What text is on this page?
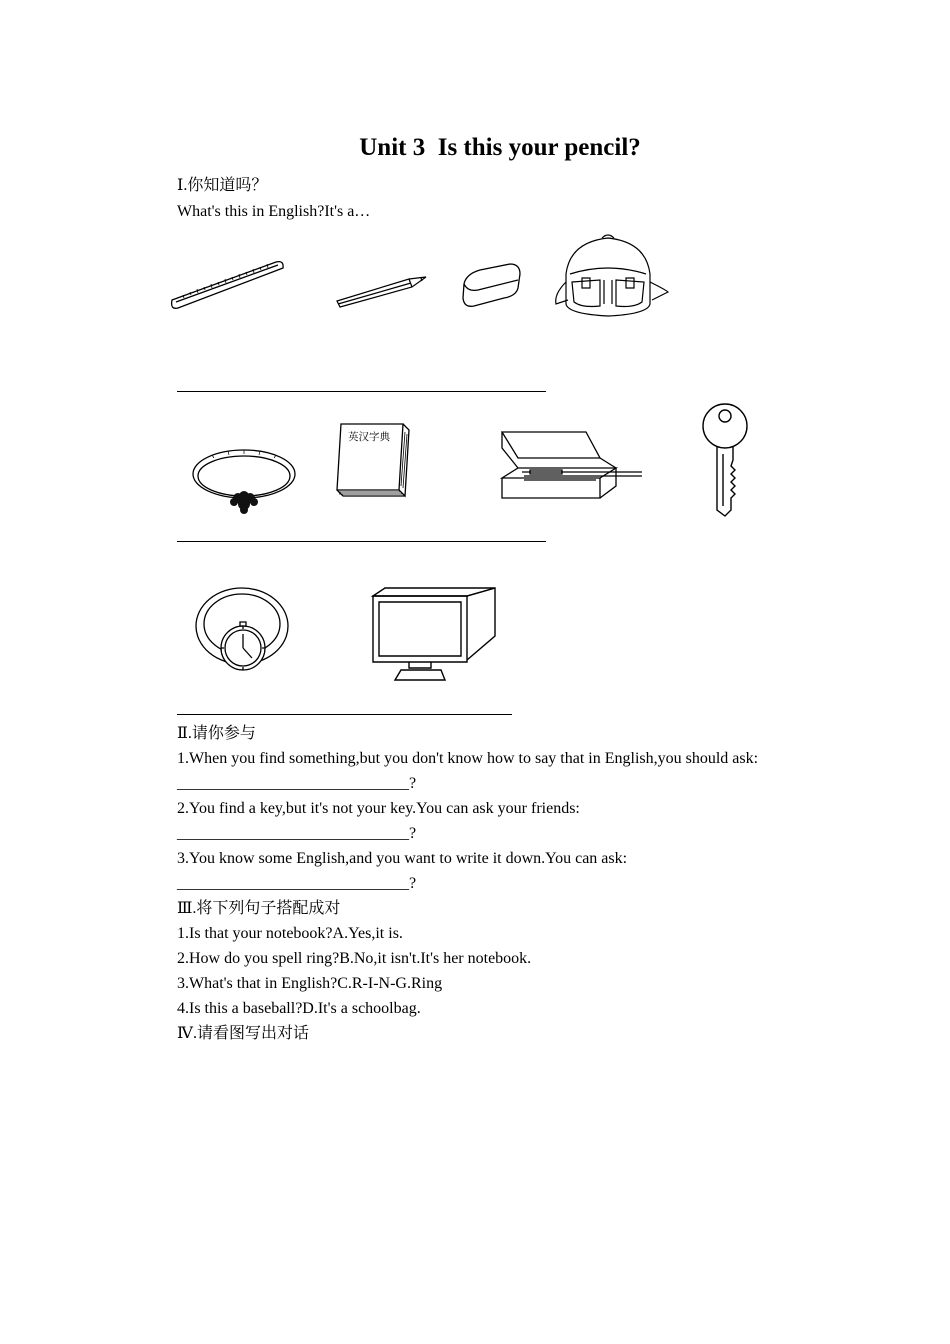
Unit 3  Is this your pencil?
Ⅰ.你知道吗？
What's this in English?It's a…
英汉字典
Ⅱ.请你参与
1.When you find something,but you don't know how to say that in English,you should ask:
_____________________________?
2.You find a key,but it's not your key.You can ask your friends:
_____________________________?
3.You know some English,and you want to write it down.You can ask:
_____________________________?
Ⅲ.将下列句子搭配成对
1.Is that your notebook?A.Yes,it is.
2.How do you spell ring?B.No,it isn't.It's her notebook.
3.What's that in English?C.R-I-N-G.Ring
4.Is this a baseball?D.It's a schoolbag.
Ⅳ.请看图写出对话
